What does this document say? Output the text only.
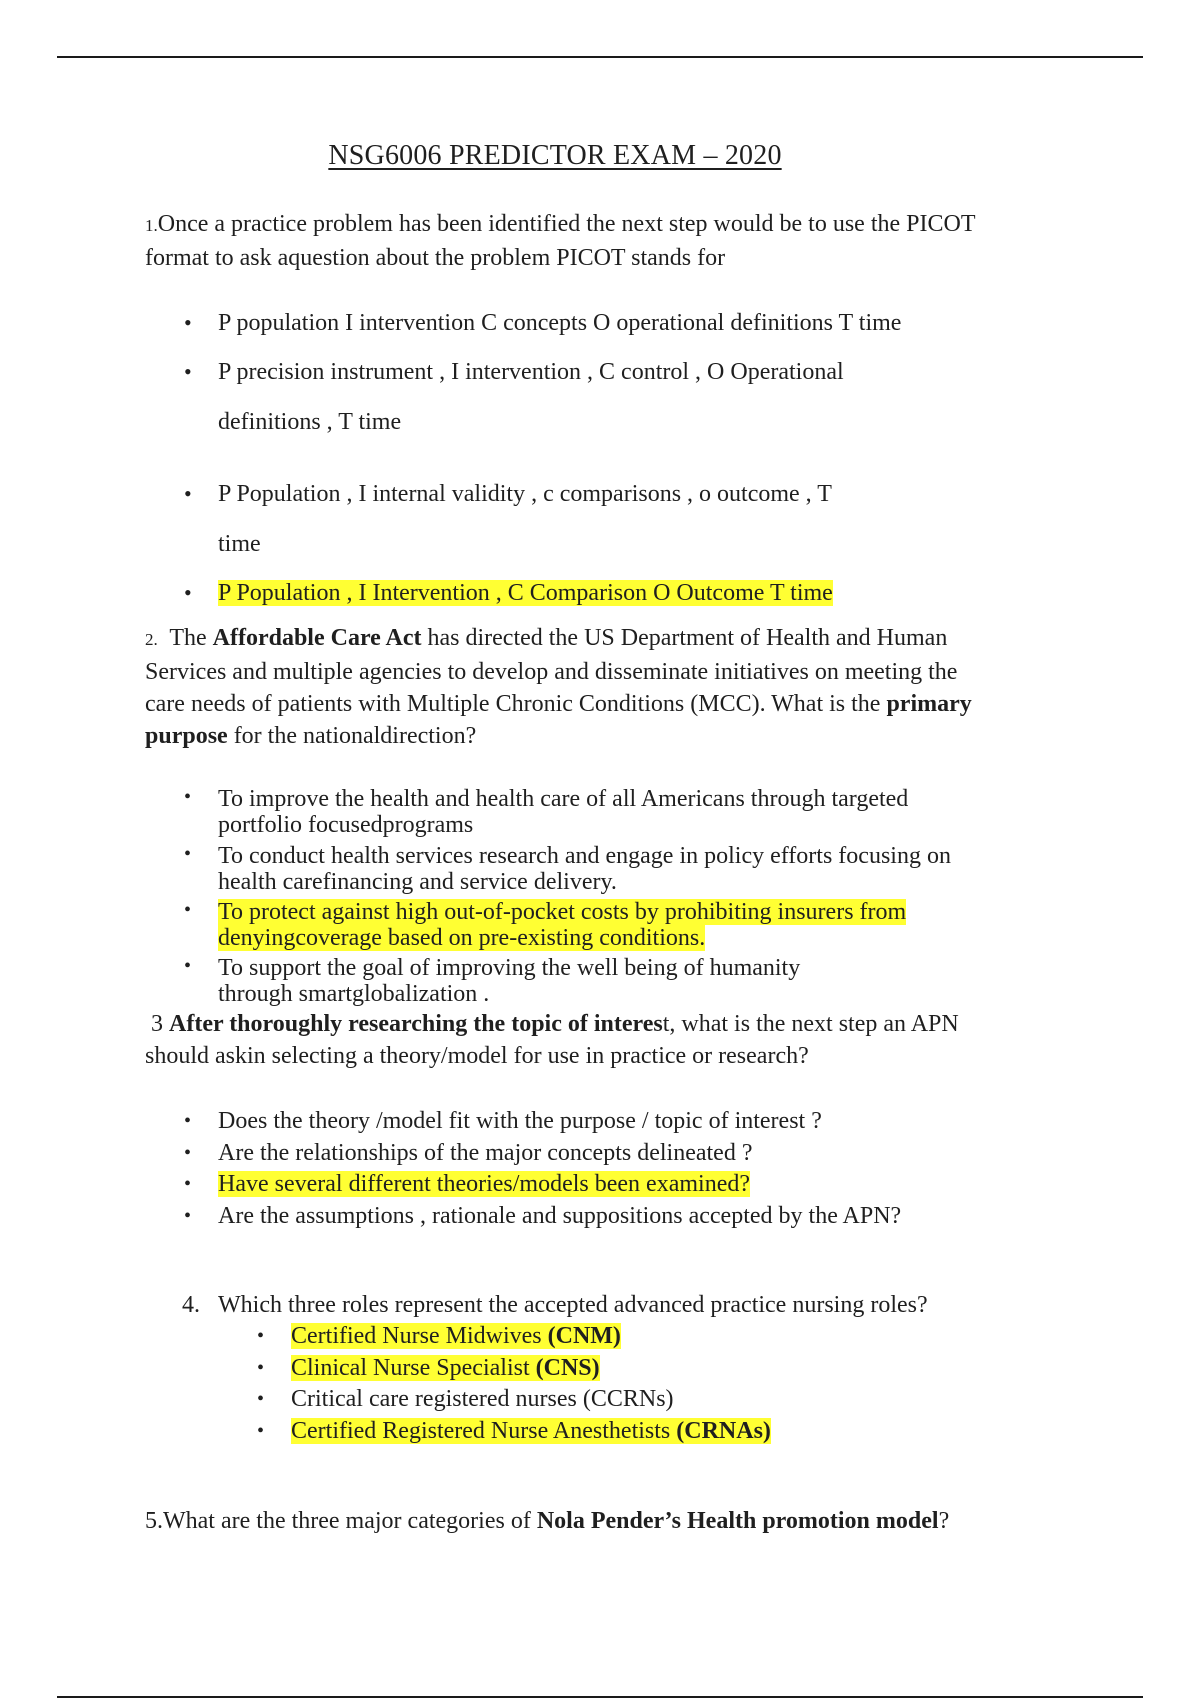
NSG6006 PREDICTOR EXAM – 2020
1.Once a practice problem has been identified the next step would be to use the PICOT
format to ask aquestion about the problem PICOT stands for
• P population I intervention C concepts O operational definitions T time
• P precision instrument , I intervention , C control , O Operational
definitions , T time
• P Population , I internal validity , c comparisons , o outcome , T
time
• P Population , I Intervention , C Comparison O Outcome T time
2. The Affordable Care Act has directed the US Department of Health and Human
Services and multiple agencies to develop and disseminate initiatives on meeting the
care needs of patients with Multiple Chronic Conditions (MCC). What is the primary
purpose for the nationaldirection?
• To improve the health and health care of all Americans through targeted
portfolio focusedprograms
• To conduct health services research and engage in policy efforts focusing on
health carefinancing and service delivery.
• To protect against high out-of-pocket costs by prohibiting insurers from
denyingcoverage based on pre-existing conditions.
• To support the goal of improving the well being of humanity
through smartglobalization .
3 After thoroughly researching the topic of interest, what is the next step an APN
should askin selecting a theory/model for use in practice or research?
• Does the theory /model fit with the purpose / topic of interest ?
• Are the relationships of the major concepts delineated ?
• Have several different theories/models been examined?
• Are the assumptions , rationale and suppositions accepted by the APN?
4. Which three roles represent the accepted advanced practice nursing roles?
• Certified Nurse Midwives (CNM)
• Clinical Nurse Specialist (CNS)
• Critical care registered nurses (CCRNs)
• Certified Registered Nurse Anesthetists (CRNAs)
5.What are the three major categories of Nola Pender’s Health promotion model?
